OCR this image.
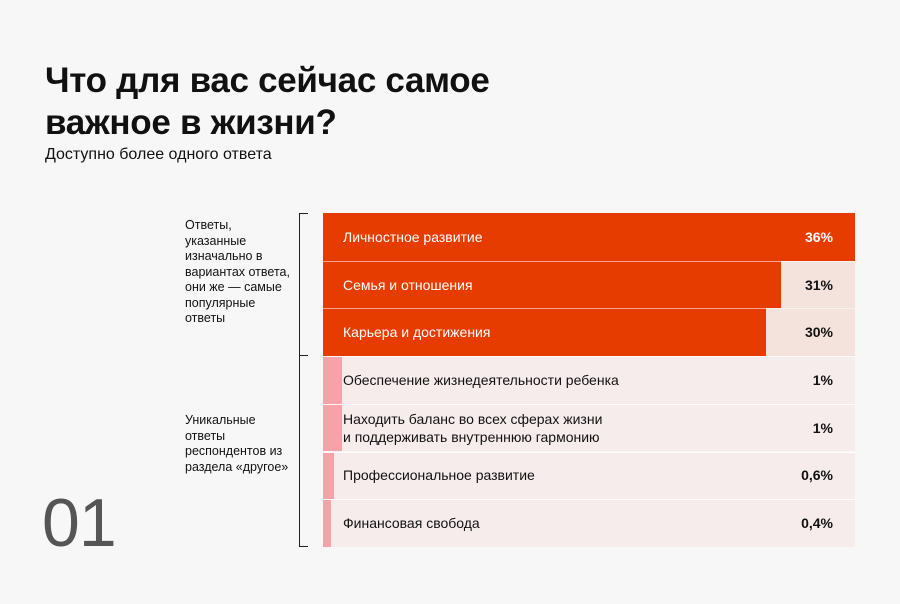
Что для вас сейчас самое важное в жизни?
Доступно более одного ответа
Ответы, указанные изначально в вариантах ответа, они же — самые популярные ответы
Уникальные ответы респондентов из раздела «другое»
Личностное развитие	36%
Семья и отношения	31%
Карьера и достижения	30%
Обеспечение жизнедеятельности ребенка	1%
Находить баланс во всех сферах жизни
и поддерживать внутреннюю гармонию
1%
Профессиональное развитие	0,6%
Финансовая свобода	0,4%
01
